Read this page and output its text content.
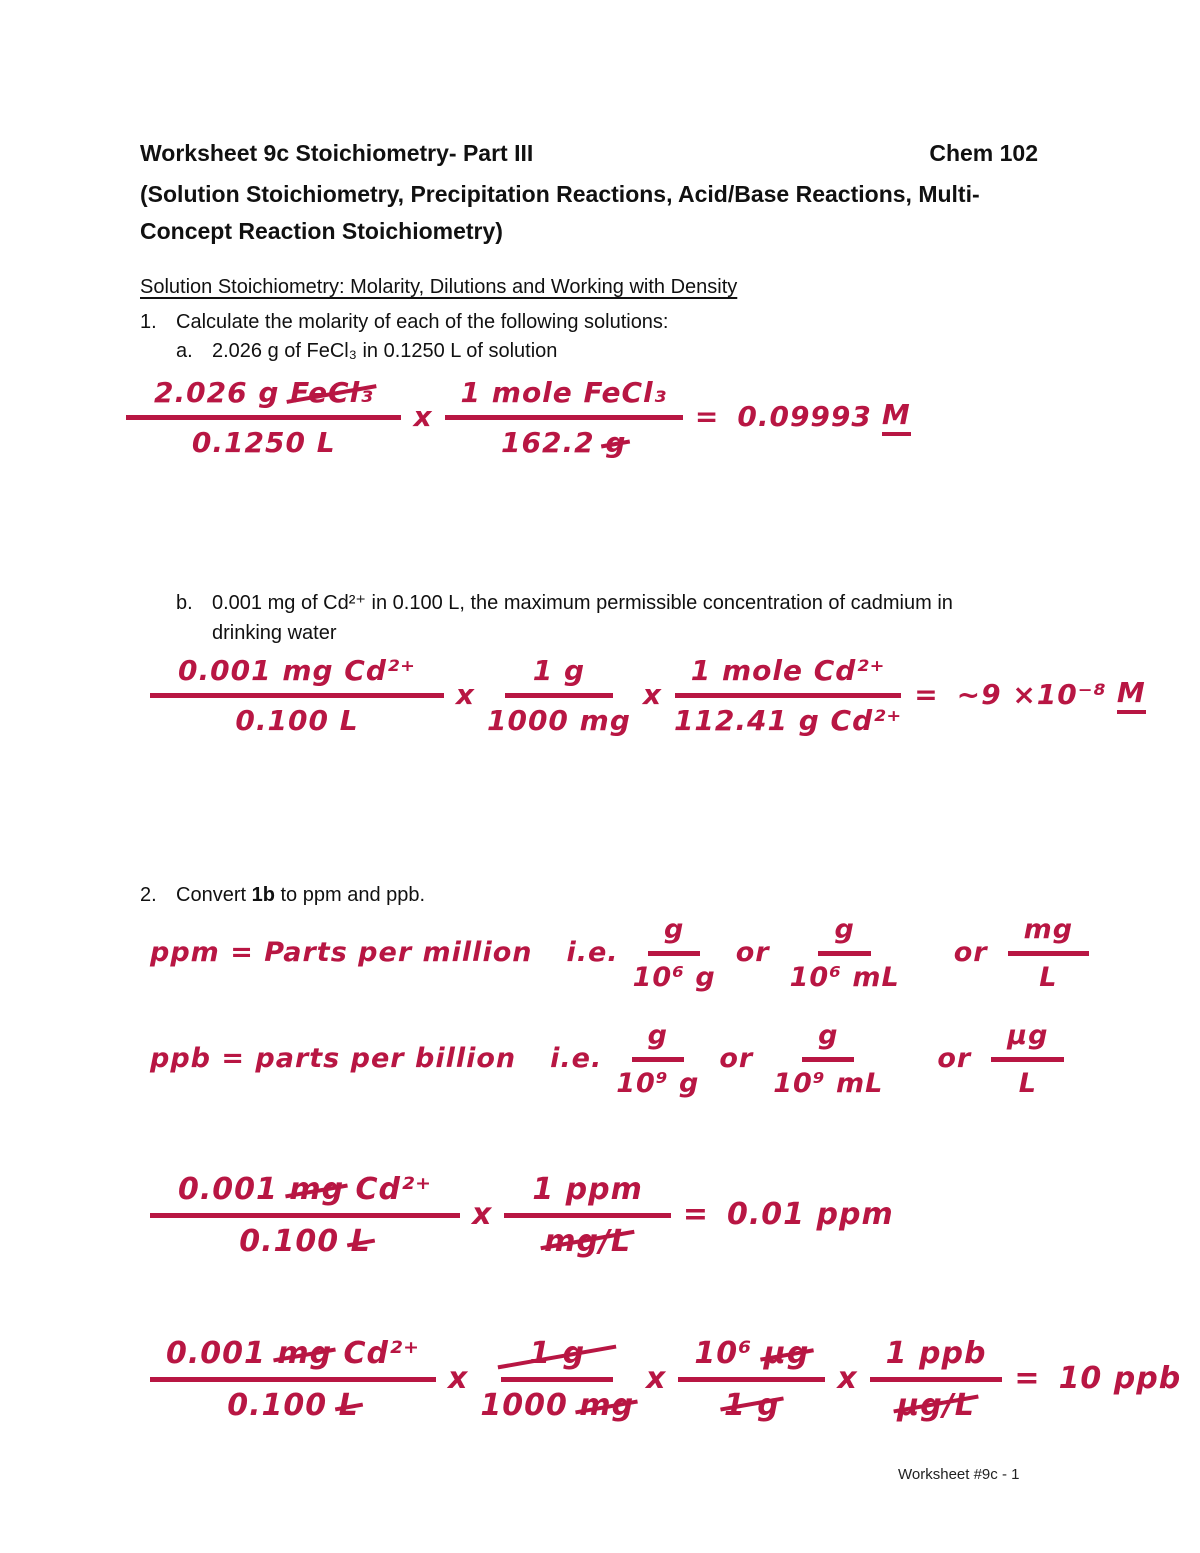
Worksheet 9c Stoichiometry- Part III	Chem 102
(Solution Stoichiometry, Precipitation Reactions, Acid/Base Reactions, Multi-
Concept Reaction Stoichiometry)
Solution Stoichiometry: Molarity, Dilutions and Working with Density
1. Calculate the molarity of each of the following solutions:
a. 2.026 g of FeCl₃ in 0.1250 L of solution
$\frac{\text{2.026 g FeCl₃}}{0.1250 L}$ x $\frac{\text{1 mole FeCl₃}}{162.2 g} = 0.09993$ M
b. 0.001 mg of Cd²⁺ in 0.100 L, the maximum permissible concentration of cadmium in
drinking water
$\frac{\text{0.001 mg Cd²⁺}}{0.100 L}$ x $\frac{1 g}{1000 mg}$ x $\frac{\text{1 mole Cd²⁺}}{\text{112.41 g Cd²⁺}}$ = ~9 ×10⁻⁸ M
2. Convert 1b to ppm and ppb.
ppm = Parts per million	i.e. $\frac{g}{\text{10⁶ g}}$ or $\frac{g}{\text{10⁶ mL}}$	or $\frac{mg}{L}$
ppb = parts per billion	i.e. $\frac{g}{\text{10⁹ g}}$ or $\frac{g}{\text{10⁹ mL}}$	or $\frac{\text{µg}}{L}$
$\frac{\text{0.001 mg Cd²⁺}}{0.100 L}$ x $\frac{\text{1 ppm}}{mg/L} = 0.01$ ppm
$\frac{\text{0.001 mg Cd²⁺}}{0.100 L}$ x $\frac{1 g}{1000 mg}$ x $\frac{\text{10⁶ µg}}{1 g}$ x $\frac{\text{1 ppb}}{\text{µg/L}} = 10$ ppb
Worksheet #9c - 1
